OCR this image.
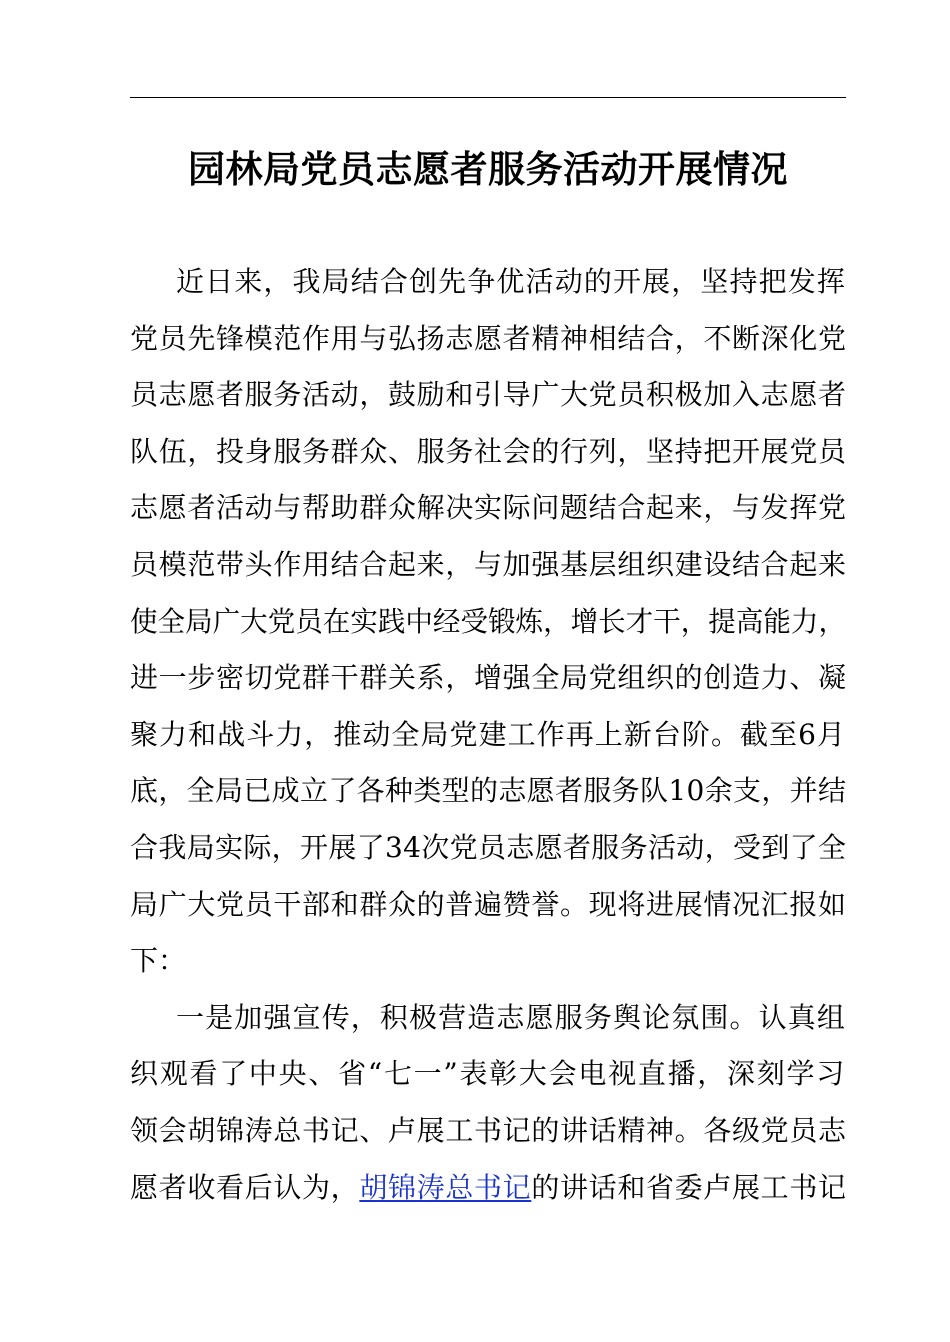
园林局党员志愿者服务活动开展情况
近日来，我局结合创先争优活动的开展，坚持把发挥
党员先锋模范作用与弘扬志愿者精神相结合，不断深化党
员志愿者服务活动，鼓励和引导广大党员积极加入志愿者
队伍，投身服务群众、服务社会的行列，坚持把开展党员
志愿者活动与帮助群众解决实际问题结合起来，与发挥党
员模范带头作用结合起来，与加强基层组织建设结合起来
使全局广大党员在实践中经受锻炼，增长才干，提高能力，
进一步密切党群干群关系，增强全局党组织的创造力、凝
聚力和战斗力，推动全局党建工作再上新台阶。截至6月
底，全局已成立了各种类型的志愿者服务队10余支，并结
合我局实际，开展了34次党员志愿者服务活动，受到了全
局广大党员干部和群众的普遍赞誉。现将进展情况汇报如
下：
一是加强宣传，积极营造志愿服务舆论氛围。认真组
织观看了中央、省“七一”表彰大会电视直播，深刻学习
领会胡锦涛总书记、卢展工书记的讲话精神。各级党员志
愿者收看后认为，胡锦涛总书记的讲话和省委卢展工书记
